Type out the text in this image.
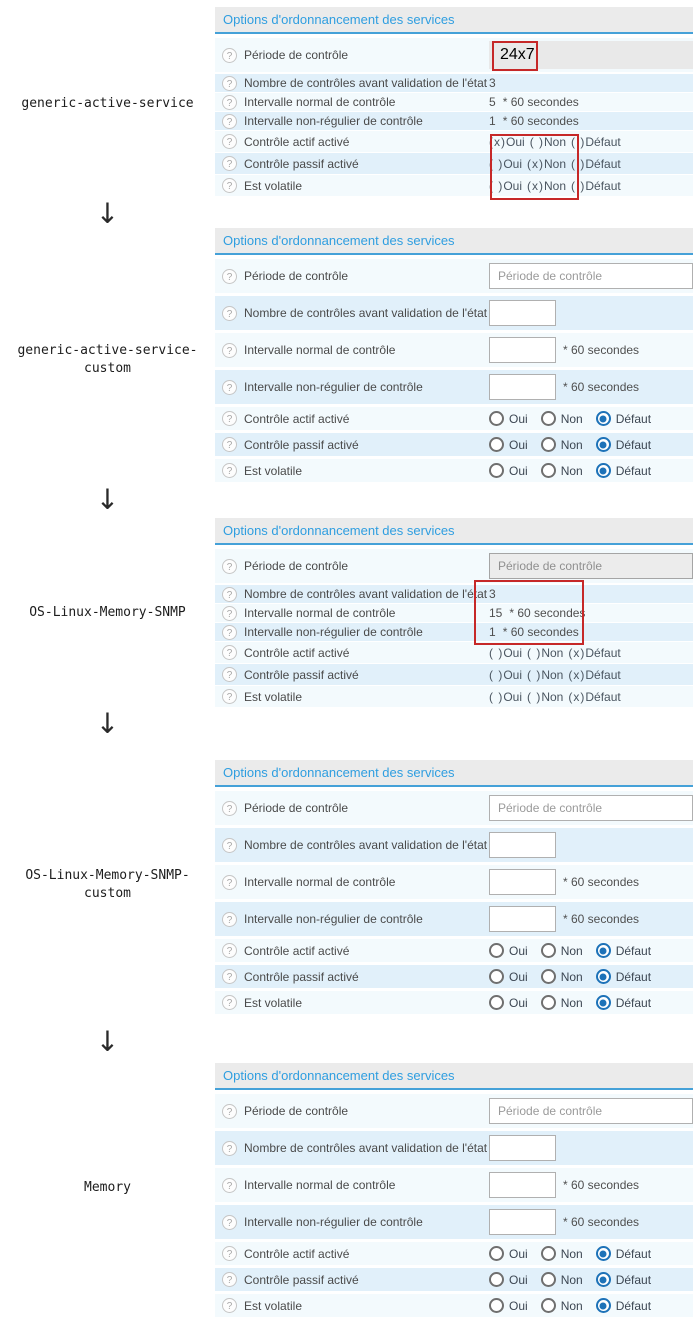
generic-active-service
↓
generic-active-service-custom
↓
OS-Linux-Memory-SNMP
↓
OS-Linux-Memory-SNMP-custom
↓
Memory
Options d'ordonnancement des services
? Période de contrôle	24x7
? Nombre de contrôles avant validation de l'état 3
? Intervalle normal de contrôle	5 * 60 secondes
? Intervalle non-régulier de contrôle	1 * 60 secondes
? Contrôle actif activé	(x) Oui ( ) Non ( ) Défaut
? Contrôle passif activé	( ) Oui (x) Non ( ) Défaut
? Est volatile	( ) Oui (x) Non ( ) Défaut
Options d'ordonnancement des services
? Période de contrôle
Période de contrôle
? Nombre de contrôles avant validation de l'état
? Intervalle normal de contrôle	* 60 secondes
? Intervalle non-régulier de contrôle	* 60 secondes
? Contrôle actif activé	Oui	Non	Défaut
? Contrôle passif activé	Oui	Non	Défaut
? Est volatile	Oui	Non	Défaut
Options d'ordonnancement des services
? Période de contrôle
Période de contrôle
? Nombre de contrôles avant validation de l'état 3
? Intervalle normal de contrôle	15 * 60 secondes
? Intervalle non-régulier de contrôle	1 * 60 secondes
? Contrôle actif activé	( ) Oui ( ) Non (x) Défaut
? Contrôle passif activé	( ) Oui ( ) Non (x) Défaut
? Est volatile	( ) Oui ( ) Non (x) Défaut
Options d'ordonnancement des services
? Période de contrôle
Période de contrôle
? Nombre de contrôles avant validation de l'état
? Intervalle normal de contrôle	* 60 secondes
? Intervalle non-régulier de contrôle	* 60 secondes
? Contrôle actif activé	Oui	Non	Défaut
? Contrôle passif activé	Oui	Non	Défaut
? Est volatile	Oui	Non	Défaut
Options d'ordonnancement des services
? Période de contrôle
Période de contrôle
? Nombre de contrôles avant validation de l'état
? Intervalle normal de contrôle	* 60 secondes
? Intervalle non-régulier de contrôle	* 60 secondes
? Contrôle actif activé	Oui	Non	Défaut
? Contrôle passif activé	Oui	Non	Défaut
? Est volatile	Oui	Non	Défaut
